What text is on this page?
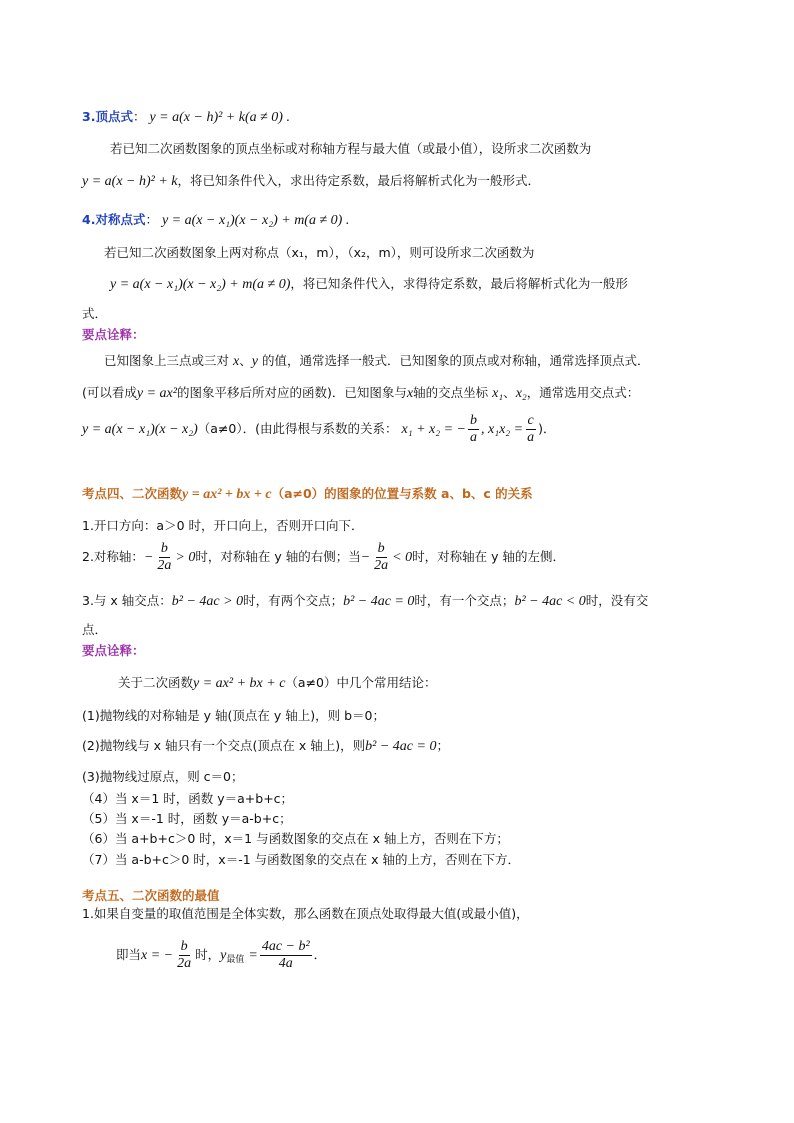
3.顶点式： y = a(x − h)² + k(a ≠ 0) .
若已知二次函数图象的顶点坐标或对称轴方程与最大值（或最小值），设所求二次函数为
y = a(x − h)² + k，将已知条件代入，求出待定系数，最后将解析式化为一般形式．
4.对称点式： y = a(x − x₁)(x − x₂) + m(a ≠ 0) .
若已知二次函数图象上两对称点（x₁，m），（x₂，m），则可设所求二次函数为
y = a(x − x₁)(x − x₂) + m(a ≠ 0)，将已知条件代入，求得待定系数，最后将解析式化为一般形
式．
要点诠释：
已知图象上三点或三对 x、y 的值，通常选择一般式．已知图象的顶点或对称轴，通常选择顶点式．
(可以看成y = ax²的图象平移后所对应的函数)．已知图象与x轴的交点坐标 x₁、x₂，通常选用交点式：
y = a(x − x₁)(x − x₂)（a≠0）．(由此得根与系数的关系： x₁ + x₂ = − $\frac{b}{a}$ , $x_1x_2 = \frac{c}{a}$ )．
考点四、二次函数y = ax² + bx + c（a≠0）的图象的位置与系数 a、b、c 的关系
1.开口方向：a＞0 时，开口向上，否则开口向下．
2.对称轴：− $\frac{b}{2a} > 0$时，对称轴在 y 轴的右侧；当− $\frac{b}{2a} < 0$时，对称轴在 y 轴的左侧．
3.与 x 轴交点：b² − 4ac > 0时，有两个交点；b² − 4ac = 0时，有一个交点；b² − 4ac < 0时，没有交
点．
要点诠释：
关于二次函数y = ax² + bx + c（a≠0）中几个常用结论：
(1)抛物线的对称轴是 y 轴(顶点在 y 轴上)，则 b＝0；
(2)抛物线与 x 轴只有一个交点(顶点在 x 轴上)，则b² − 4ac = 0；
(3)抛物线过原点，则 c＝0；
（4）当 x＝1 时，函数 y＝a+b+c；
（5）当 x＝-1 时，函数 y＝a-b+c；
（6）当 a+b+c＞0 时，x＝1 与函数图象的交点在 x 轴上方，否则在下方；
（7）当 a-b+c＞0 时，x＝-1 与函数图象的交点在 x 轴的上方，否则在下方．
考点五、二次函数的最值
1.如果自变量的取值范围是全体实数，那么函数在顶点处取得最大值(或最小值)，
即当x = − $\frac{b}{2a}$ 时，$y_{最值} = \frac{\text{4ac − b²}}{4a}$ ．
